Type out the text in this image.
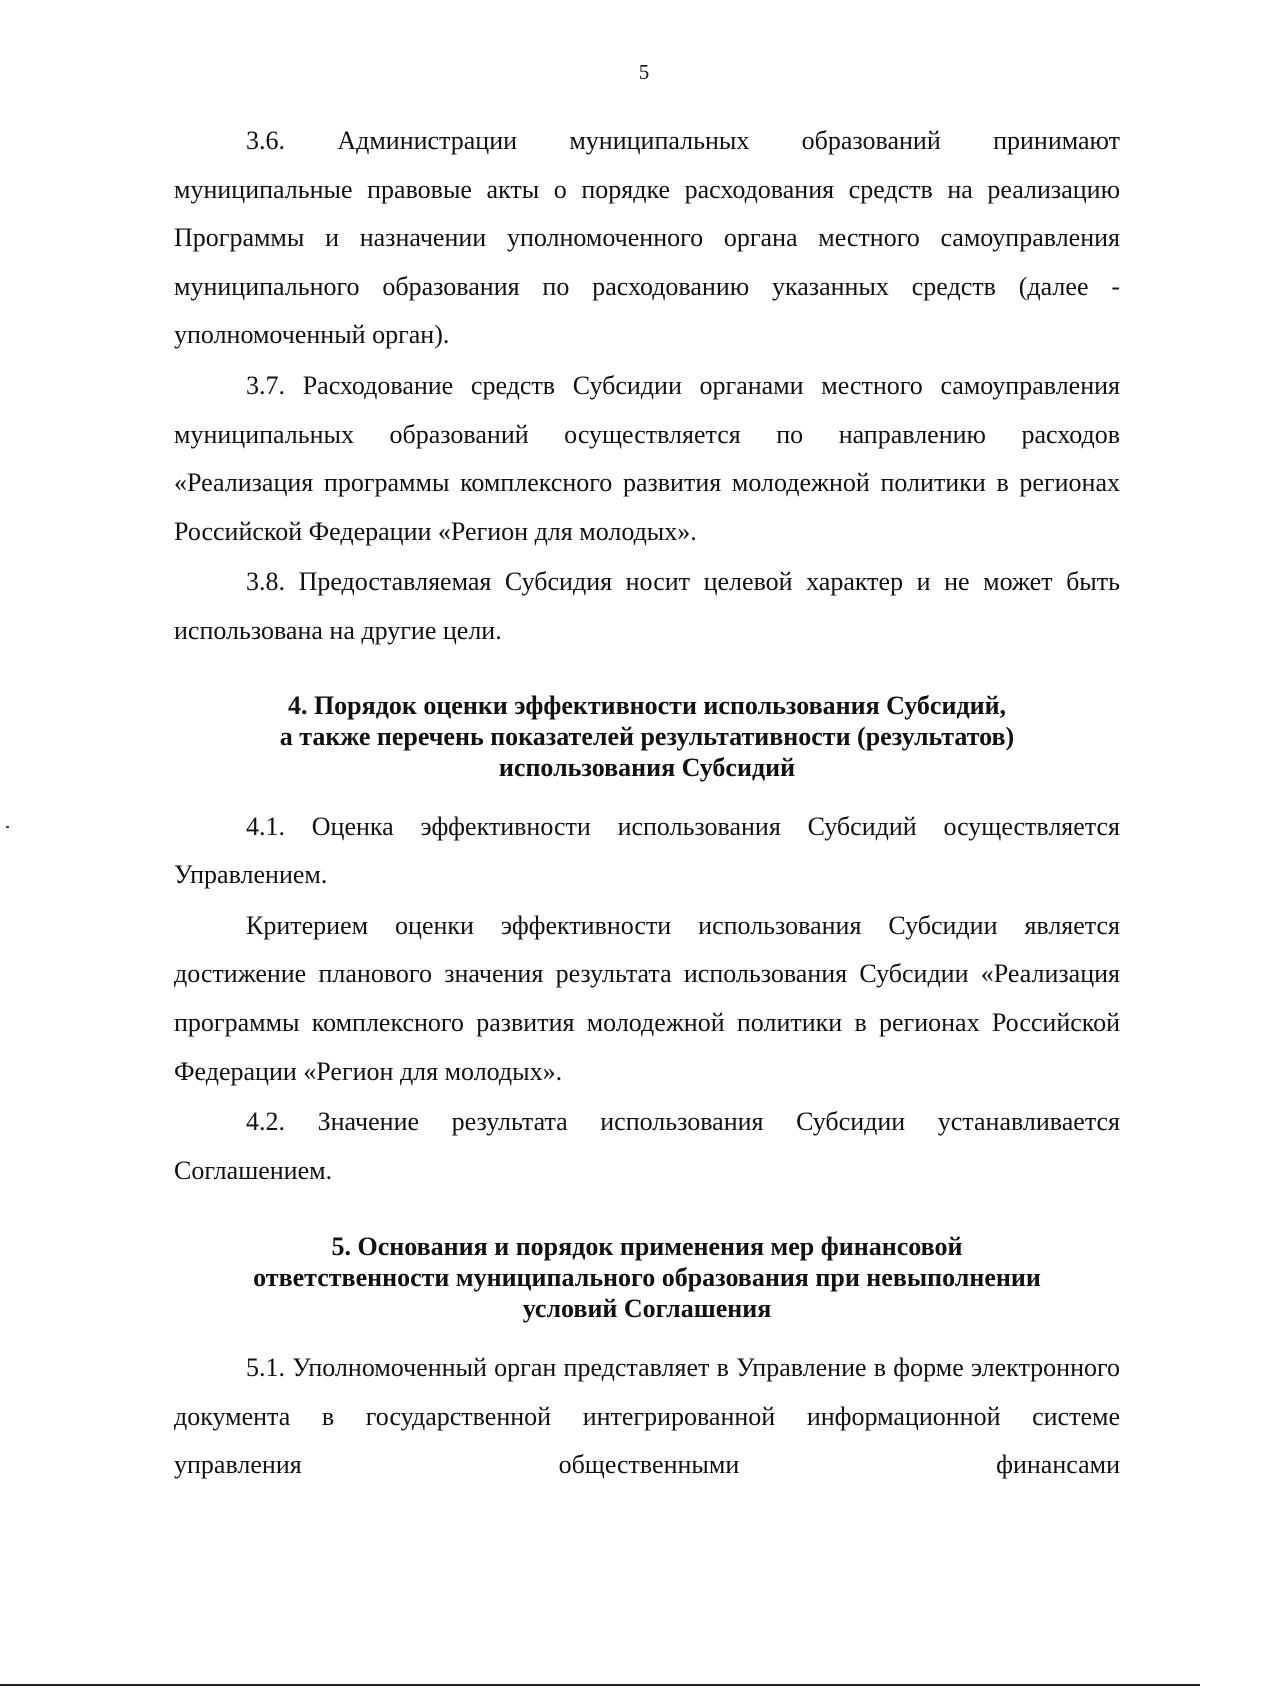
5

3.6. Администрации муниципальных образований принимают муниципальные правовые акты о порядке расходования средств на реализацию Программы и назначении уполномоченного органа местного самоуправления муниципального образования по расходованию указанных средств (далее - уполномоченный орган).

3.7. Расходование средств Субсидии органами местного самоуправления муниципальных образований осуществляется по направлению расходов «Реализация программы комплексного развития молодежной политики в регионах Российской Федерации «Регион для молодых».

3.8. Предоставляемая Субсидия носит целевой характер и не может быть использована на другие цели.

4. Порядок оценки эффективности использования Субсидий,
а также перечень показателей результативности (результатов)
использования Субсидий

4.1. Оценка эффективности использования Субсидий осуществляется Управлением.

Критерием оценки эффективности использования Субсидии является достижение планового значения результата использования Субсидии «Реализация программы комплексного развития молодежной политики в регионах Российской Федерации «Регион для молодых».

4.2. Значение результата использования Субсидии устанавливается Соглашением.

5. Основания и порядок применения мер финансовой
ответственности муниципального образования при невыполнении
условий Соглашения

5.1. Уполномоченный орган представляет в Управление в форме электронного документа в государственной интегрированной информационной системе управления общественными финансами
